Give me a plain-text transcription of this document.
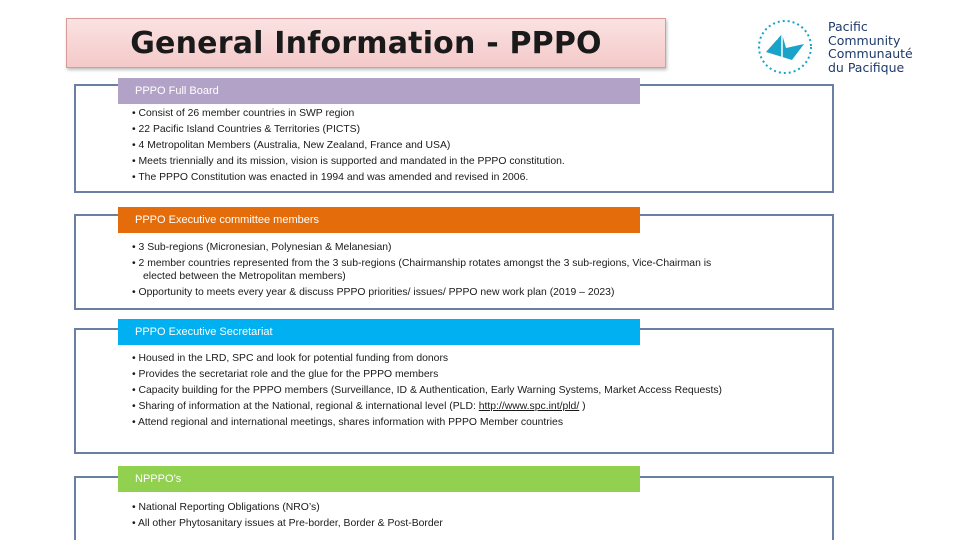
General Information - PPPO	Pacific
Community
Communauté
du Pacifique
PPPO Full Board
• Consist of 26 member countries in SWP region
• 22 Pacific Island Countries & Territories (PICTS)
• 4 Metropolitan Members (Australia, New Zealand, France and USA)
• Meets triennially and its mission, vision is supported and mandated in the PPPO constitution.
• The PPPO Constitution was enacted in 1994 and was amended and revised in 2006.
PPPO Executive committee members
• 3 Sub-regions (Micronesian, Polynesian & Melanesian)
• 2 member countries represented from the 3 sub-regions (Chairmanship rotates amongst the 3 sub-regions, Vice-Chairman is elected between the Metropolitan members)
• Opportunity to meets every year & discuss PPPO priorities/ issues/ PPPO new work plan (2019 – 2023)
PPPO Executive Secretariat
• Housed in the LRD, SPC and look for potential funding from donors
• Provides the secretariat role and the glue for the PPPO members
• Capacity building for the PPPO members (Surveillance, ID & Authentication, Early Warning Systems, Market Access Requests)
• Sharing of information at the National, regional & international level (PLD: http://www.spc.int/pld/ )
• Attend regional and international meetings, shares information with PPPO Member countries
NPPPO’s
• National Reporting Obligations (NRO’s)
• All other Phytosanitary issues at Pre-border, Border & Post-Border
